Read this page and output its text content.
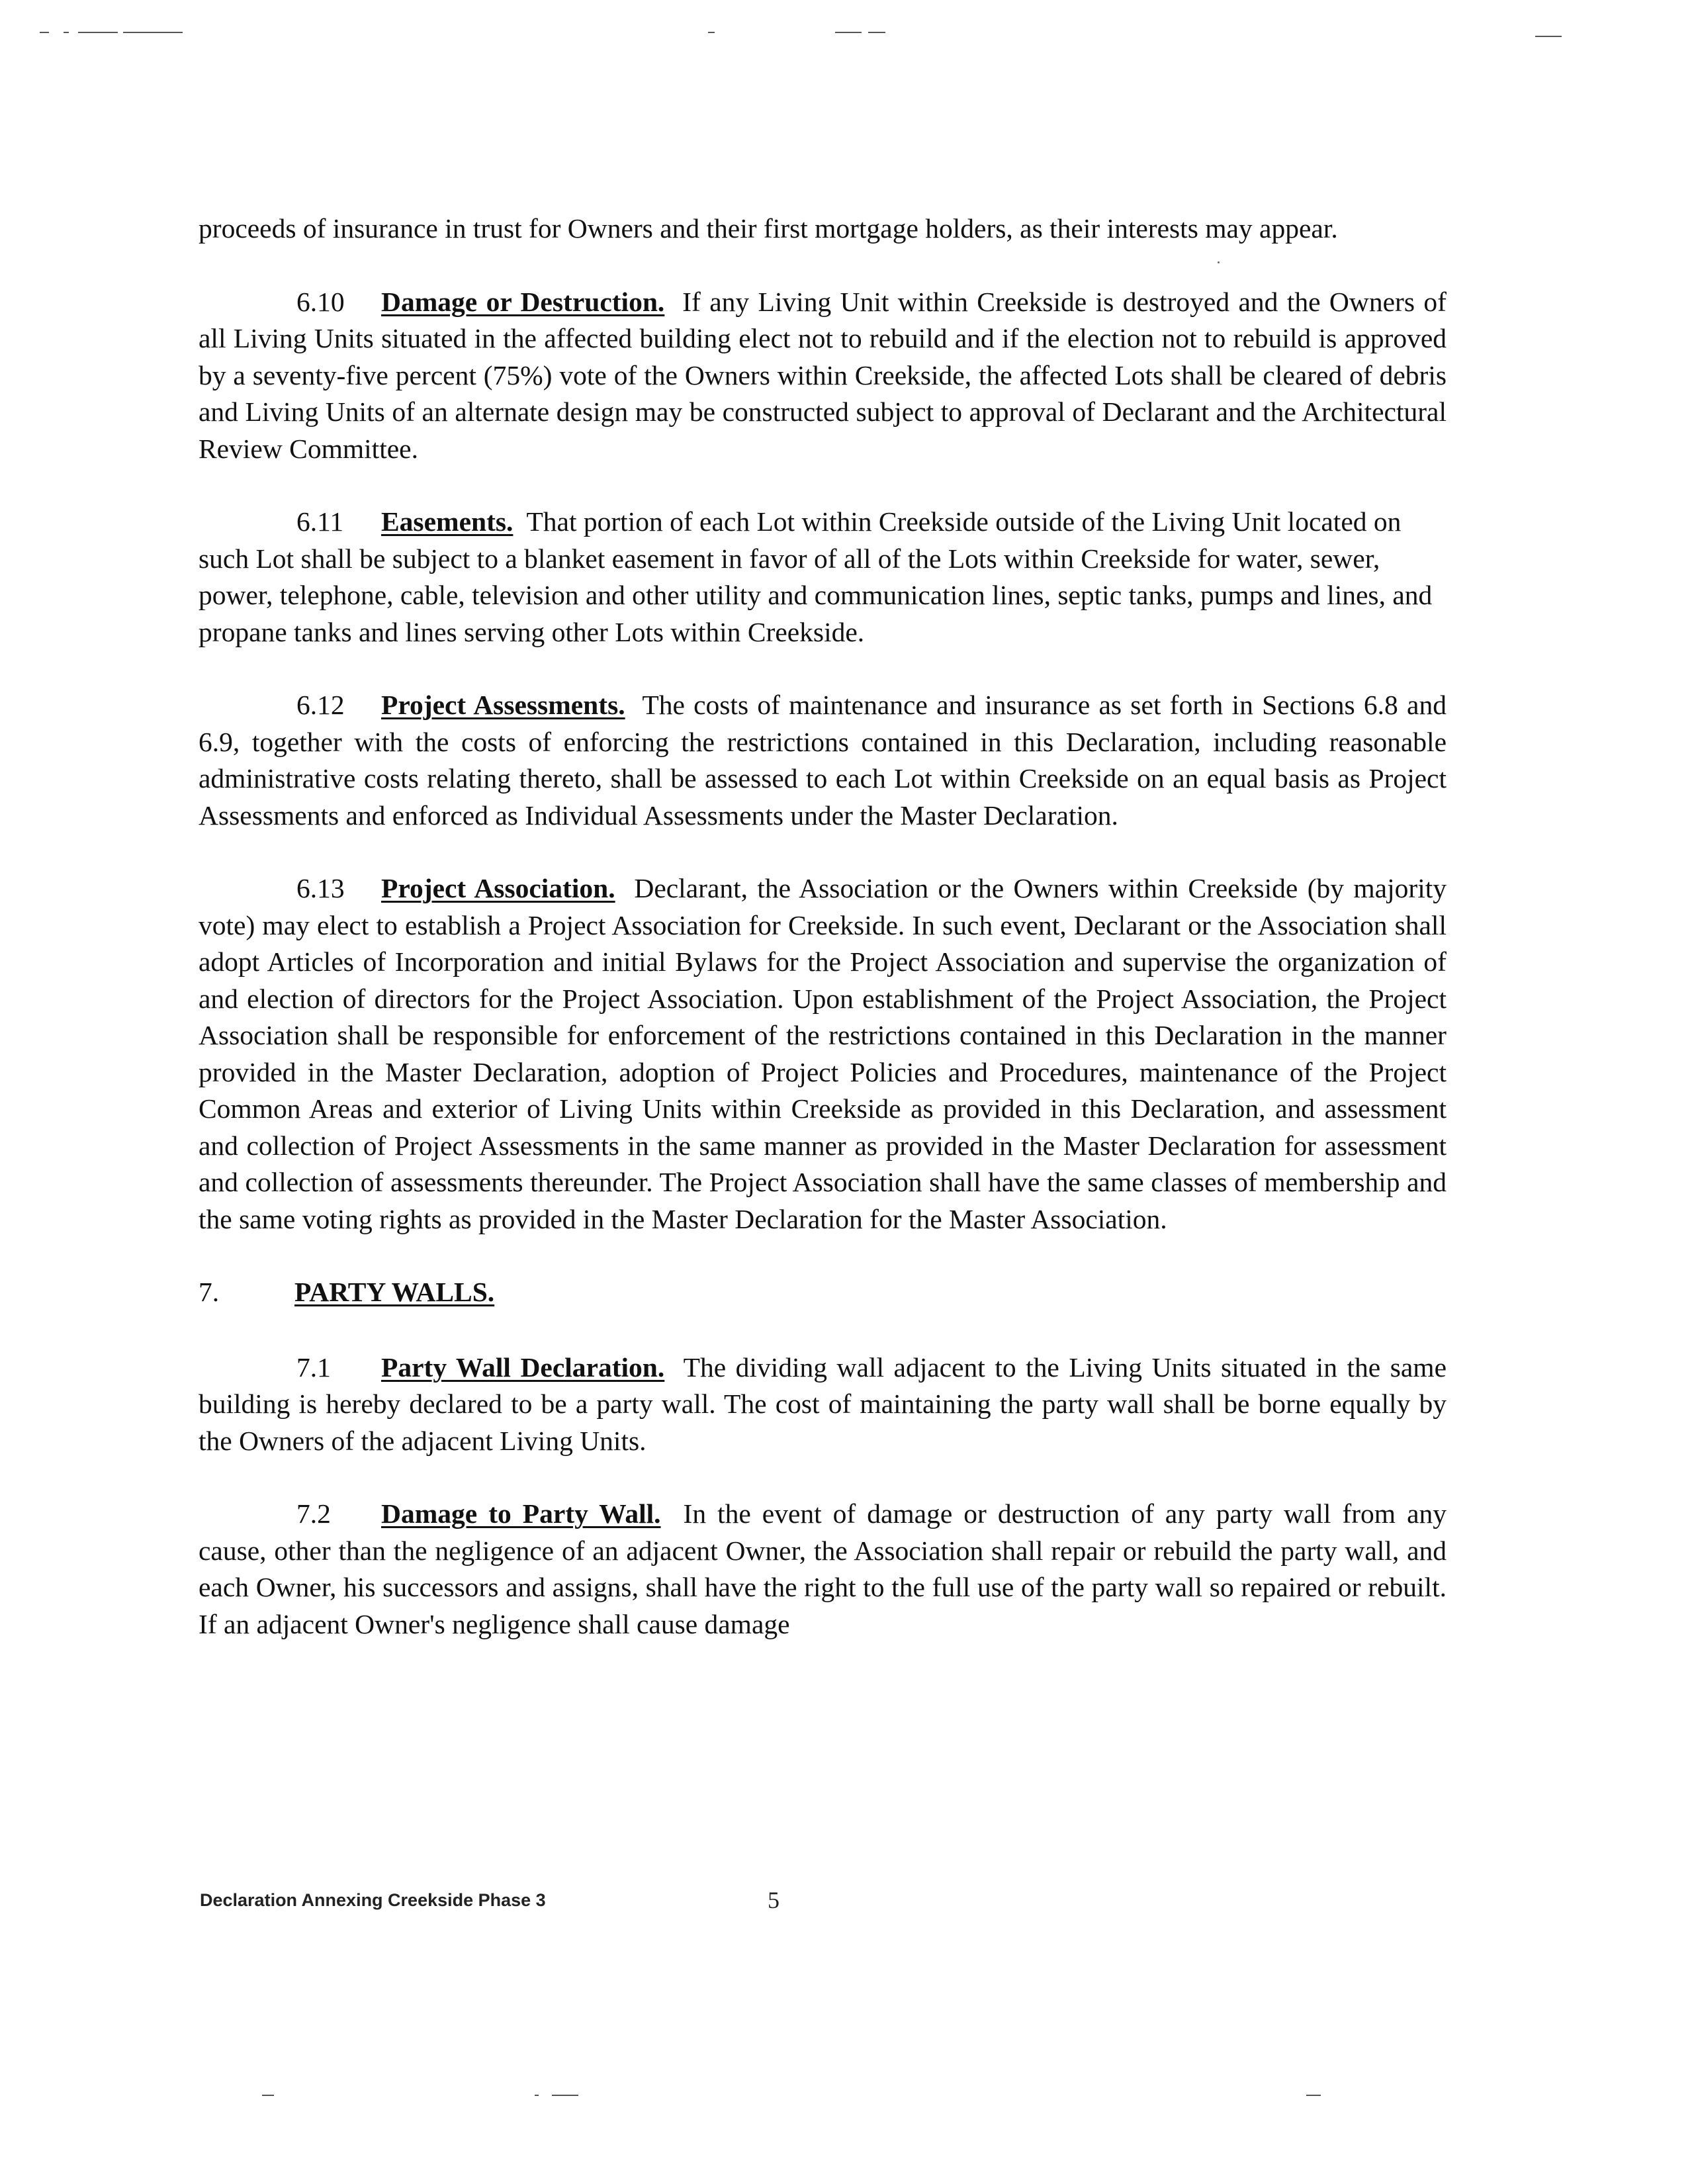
proceeds of insurance in trust for Owners and their first mortgage holders, as their interests may appear.

6.10 Damage or Destruction. If any Living Unit within Creekside is destroyed and the Owners of all Living Units situated in the affected building elect not to rebuild and if the election not to rebuild is approved by a seventy-five percent (75%) vote of the Owners within Creekside, the affected Lots shall be cleared of debris and Living Units of an alternate design may be constructed subject to approval of Declarant and the Architectural Review Committee.

6.11 Easements. That portion of each Lot within Creekside outside of the Living Unit located on such Lot shall be subject to a blanket easement in favor of all of the Lots within Creekside for water, sewer, power, telephone, cable, television and other utility and communication lines, septic tanks, pumps and lines, and propane tanks and lines serving other Lots within Creekside.

6.12 Project Assessments. The costs of maintenance and insurance as set forth in Sections 6.8 and 6.9, together with the costs of enforcing the restrictions contained in this Declaration, including reasonable administrative costs relating thereto, shall be assessed to each Lot within Creekside on an equal basis as Project Assessments and enforced as Individual Assessments under the Master Declaration.

6.13 Project Association. Declarant, the Association or the Owners within Creekside (by majority vote) may elect to establish a Project Association for Creekside. In such event, Declarant or the Association shall adopt Articles of Incorporation and initial Bylaws for the Project Association and supervise the organization of and election of directors for the Project Association. Upon establishment of the Project Association, the Project Association shall be responsible for enforcement of the restrictions contained in this Declaration in the manner provided in the Master Declaration, adoption of Project Policies and Procedures, maintenance of the Project Common Areas and exterior of Living Units within Creekside as provided in this Declaration, and assessment and collection of Project Assessments in the same manner as provided in the Master Declaration for assessment and collection of assessments thereunder. The Project Association shall have the same classes of membership and the same voting rights as provided in the Master Declaration for the Master Association.

7.	PARTY WALLS.

7.1 Party Wall Declaration. The dividing wall adjacent to the Living Units situated in the same building is hereby declared to be a party wall. The cost of maintaining the party wall shall be borne equally by the Owners of the adjacent Living Units.

7.2 Damage to Party Wall. In the event of damage or destruction of any party wall from any cause, other than the negligence of an adjacent Owner, the Association shall repair or rebuild the party wall, and each Owner, his successors and assigns, shall have the right to the full use of the party wall so repaired or rebuilt. If an adjacent Owner's negligence shall cause damage

Declaration Annexing Creekside Phase 3	5
